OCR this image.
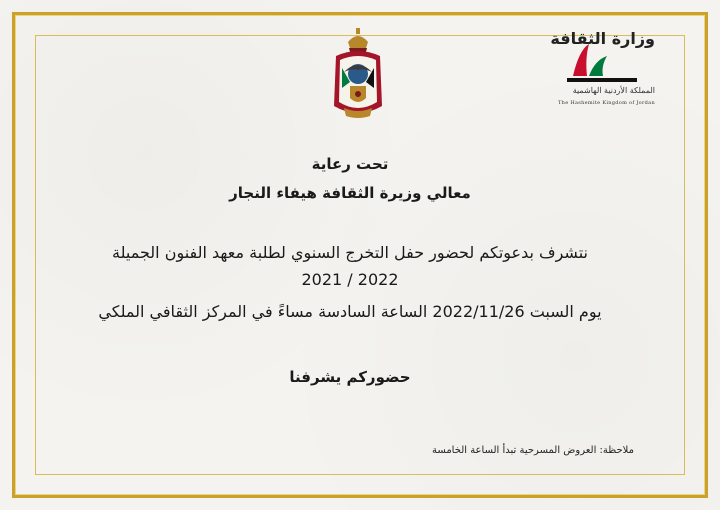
وزارة الثقافة
المملكة الأردنية الهاشمية
The Hashemite Kingdom of Jordan
تحت رعاية
معالي وزيرة الثقافة هيفاء النجار
نتشرف بدعوتكم لحضور حفل التخرج السنوي لطلبة معهد الفنون الجميلة
2021 / 2022
يوم السبت 2022/11/26 الساعة السادسة مساءً في المركز الثقافي الملكي
حضوركم يشرفنا
ملاحظة: العروض المسرحية تبدأ الساعة الخامسة
